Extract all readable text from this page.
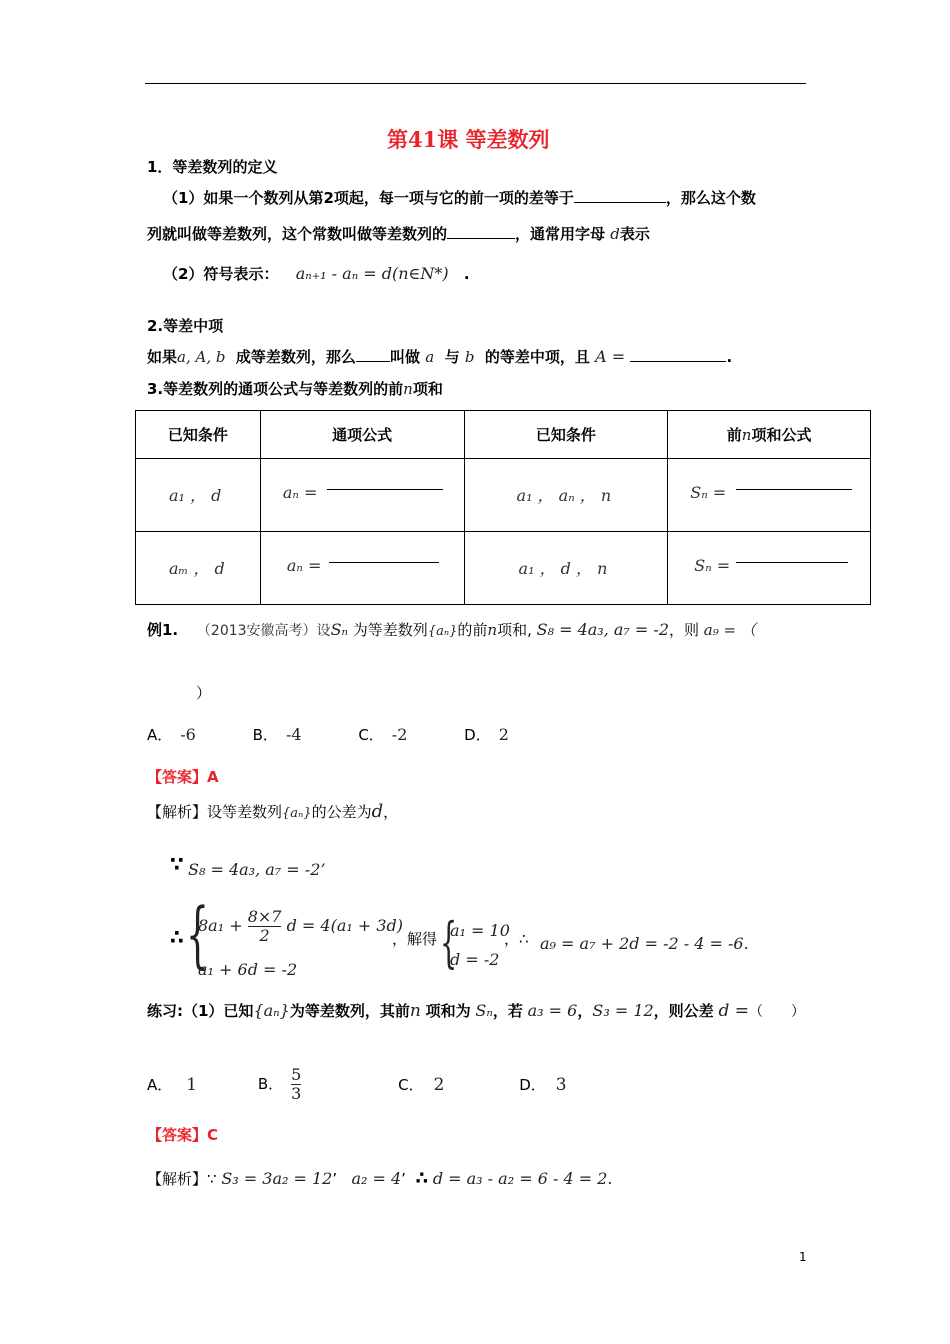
第41课 等差数列
1．等差数列的定义
（1）如果一个数列从第2项起，每一项与它的前一项的差等于	，那么这个数
列就叫做等差数列，这个常数叫做等差数列的	，通常用字母 d表示
（2）符号表示： aₙ₊₁ - aₙ = d(n∈N*) .
2.等差中项
如果a, A, b 成等差数列，那么 叫做 a 与 b 的等差中项，且 A =	.
3.等差数列的通项公式与等差数列的前n项和
已知条件	通项公式	已知条件	前n项和公式

a₁ ， d	aₙ =	a₁ ， aₙ ， n	Sₙ =

aₘ ， d	aₙ =	a₁ ， d ， n	Sₙ =
例1. （2013安徽高考）设Sₙ 为等差数列{aₙ}的前n项和, S₈ = 4a₃, a₇ = -2，则 a₉ = （
）
A． -6	B． -4	C． -2	D． 2
【答案】A
【解析】设等差数列{aₙ}的公差为d，
∵ S₈ = 4a₃, a₇ = -2’
∴ {
$8a_1 + \frac{8\times 7}{2}$ d = 4(a₁ + 3d)
a₁ + 6d = -2
，解得 {
a₁ = 10
d = -2
，∴ a₉ = a₇ + 2d = -2 - 4 = -6.
练习:（1）已知{aₙ}为等差数列，其前n 项和为 Sₙ，若 a₃ = 6，S₃ = 12，则公差 d =（　　）
A． 1	B． $\frac{5}{3}$	C． 2	D． 3
【答案】C
【解析】∵ S₃ = 3a₂ = 12’   a₂ = 4’  ∴ d = a₃ - a₂ = 6 - 4 = 2.
1
